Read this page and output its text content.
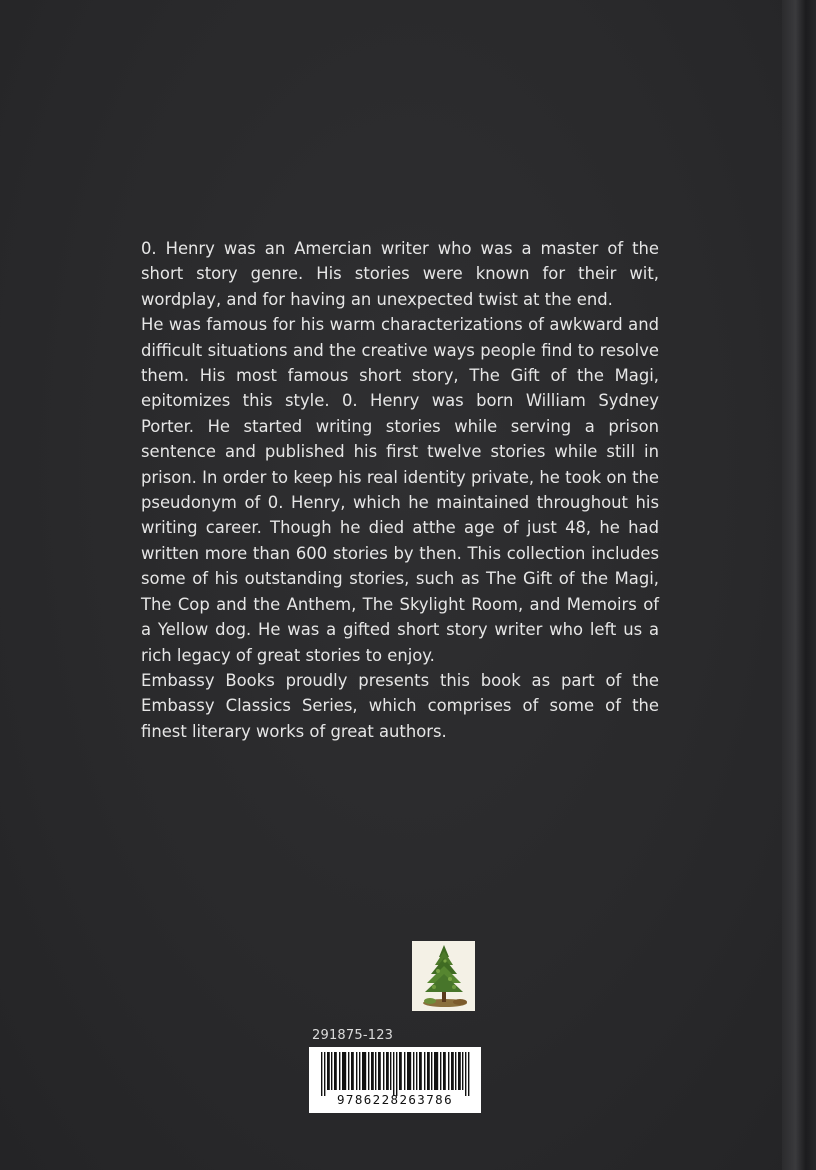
0. Henry was an Amercian writer who was a master of the short story genre. His stories were known for their wit, wordplay, and for having an unexpected twist at the end.

He was famous for his warm characterizations of awkward and difficult situations and the creative ways people find to resolve them. His most famous short story, The Gift of the Magi, epitomizes this style. 0. Henry was born William Sydney Porter. He started writing stories while serving a prison sentence and published his first twelve stories while still in prison. In order to keep his real identity private, he took on the pseudonym of 0. Henry, which he maintained throughout his writing career. Though he died atthe age of just 48, he had written more than 600 stories by then. This collection includes some of his outstanding stories, such as The Gift of the Magi, The Cop and the Anthem, The Skylight Room, and Memoirs of a Yellow dog. He was a gifted short story writer who left us a rich legacy of great stories to enjoy.

Embassy Books proudly presents this book as part of the Embassy Classics Series, which comprises of some of the finest literary works of great authors.

291875-123
9786228263786
